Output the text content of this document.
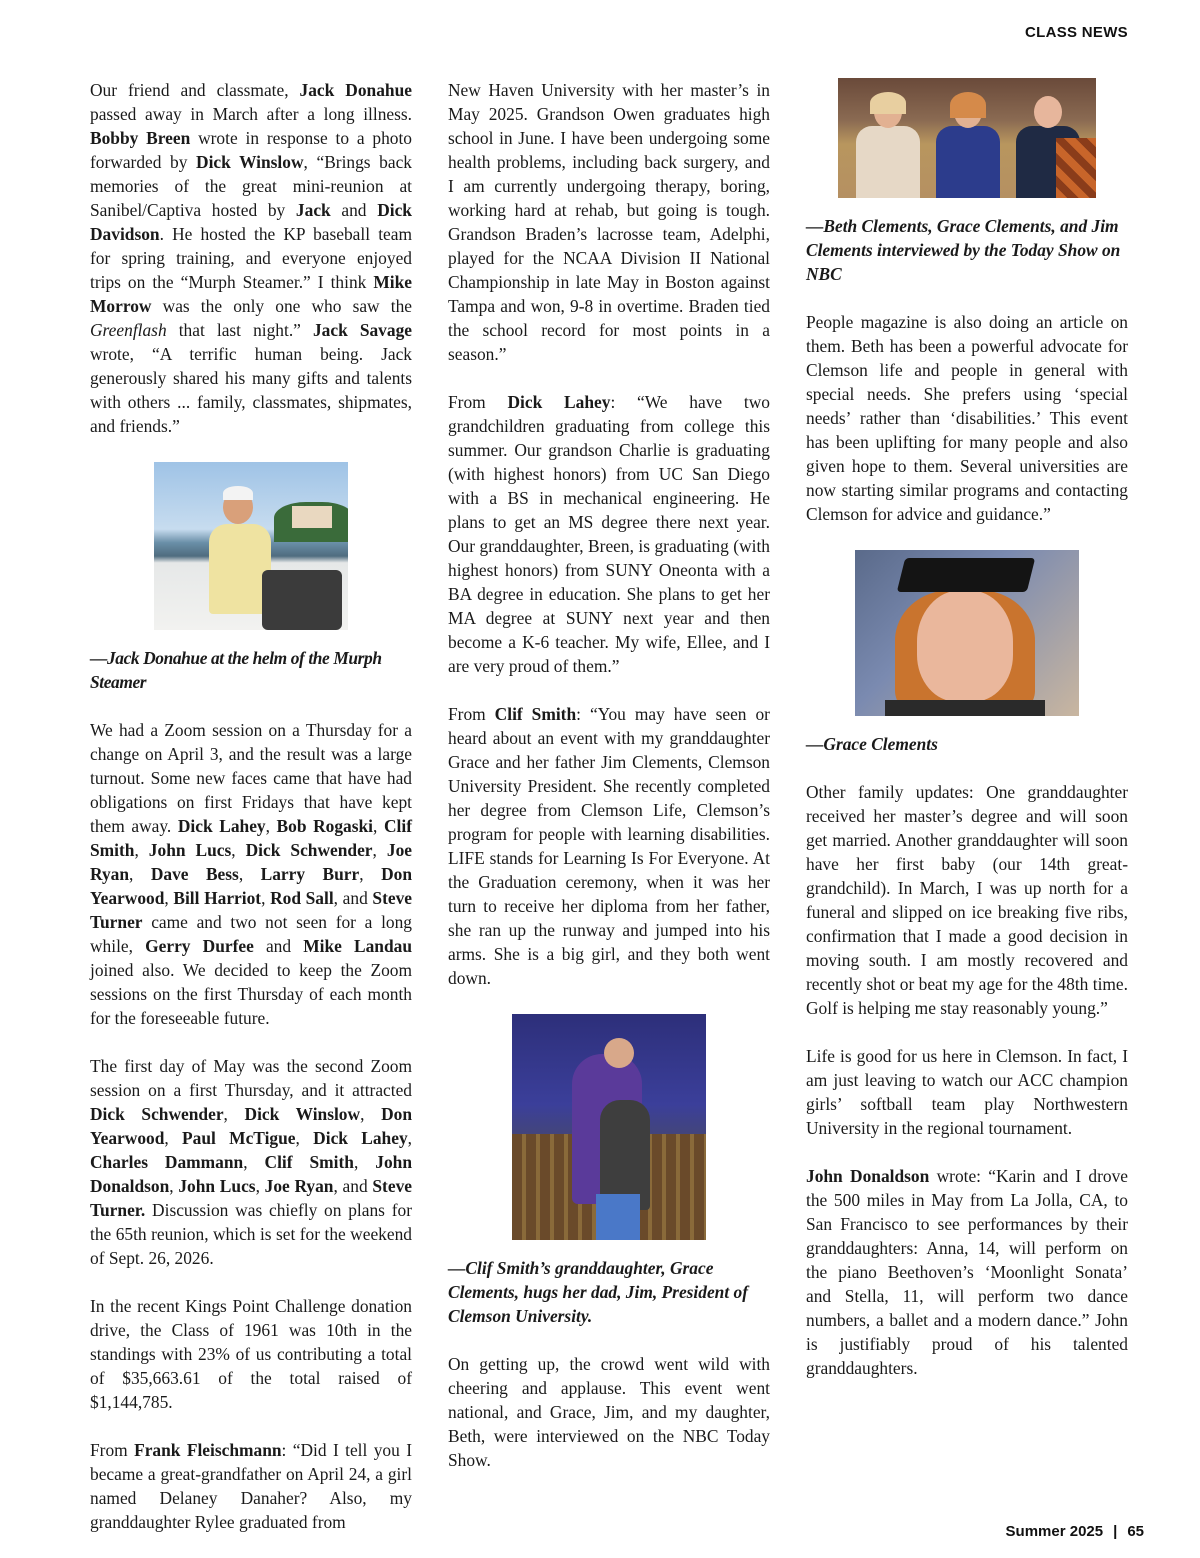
CLASS NEWS

Our friend and classmate, Jack Donahue passed away in March after a long illness. Bobby Breen wrote in response to a photo forwarded by Dick Winslow, “Brings back memories of the great mini-reunion at Sanibel/Captiva hosted by Jack and Dick Davidson. He hosted the KP baseball team for spring training, and everyone enjoyed trips on the “Murph Steamer.” I think Mike Morrow was the only one who saw the Greenflash that last night.” Jack Savage wrote, “A terrific human being. Jack generously shared his many gifts and talents with others ... family, classmates, shipmates, and friends.”

—Jack Donahue at the helm of the Murph Steamer

We had a Zoom session on a Thursday for a change on April 3, and the result was a large turnout. Some new faces came that have had obligations on first Fridays that have kept them away. Dick Lahey, Bob Rogaski, Clif Smith, John Lucs, Dick Schwender, Joe Ryan, Dave Bess, Larry Burr, Don Yearwood, Bill Harriot, Rod Sall, and Steve Turner came and two not seen for a long while, Gerry Durfee and Mike Landau joined also. We decided to keep the Zoom sessions on the first Thursday of each month for the foreseeable future.

The first day of May was the second Zoom session on a first Thursday, and it attracted Dick Schwender, Dick Winslow, Don Yearwood, Paul McTigue, Dick Lahey, Charles Dammann, Clif Smith, John Donaldson, John Lucs, Joe Ryan, and Steve Turner. Discussion was chiefly on plans for the 65th reunion, which is set for the weekend of Sept. 26, 2026.

In the recent Kings Point Challenge donation drive, the Class of 1961 was 10th in the standings with 23% of us contributing a total of $35,663.61 of the total raised of $1,144,785.

From Frank Fleischmann: “Did I tell you I became a great-grandfather on April 24, a girl named Delaney Danaher? Also, my granddaughter Rylee graduated from

New Haven University with her master’s in May 2025. Grandson Owen graduates high school in June. I have been undergoing some health problems, including back surgery, and I am currently undergoing therapy, boring, working hard at rehab, but going is tough. Grandson Braden’s lacrosse team, Adelphi, played for the NCAA Division II National Championship in late May in Boston against Tampa and won, 9-8 in overtime. Braden tied the school record for most points in a season.”

From Dick Lahey: “We have two grandchildren graduating from college this summer. Our grandson Charlie is graduating (with highest honors) from UC San Diego with a BS in mechanical engineering. He plans to get an MS degree there next year. Our granddaughter, Breen, is graduating (with highest honors) from SUNY Oneonta with a BA degree in education. She plans to get her MA degree at SUNY next year and then become a K-6 teacher. My wife, Ellee, and I are very proud of them.”

From Clif Smith: “You may have seen or heard about an event with my granddaughter Grace and her father Jim Clements, Clemson University President. She recently completed her degree from Clemson Life, Clemson’s program for people with learning disabilities. LIFE stands for Learning Is For Everyone. At the Graduation ceremony, when it was her turn to receive her diploma from her father, she ran up the runway and jumped into his arms. She is a big girl, and they both went down.

—Clif Smith’s granddaughter, Grace Clements, hugs her dad, Jim, President of Clemson University.

On getting up, the crowd went wild with cheering and applause. This event went national, and Grace, Jim, and my daughter, Beth, were interviewed on the NBC Today Show.

—Beth Clements, Grace Clements, and Jim Clements interviewed by the Today Show on NBC

People magazine is also doing an article on them. Beth has been a powerful advocate for Clemson life and people in general with special needs. She prefers using ‘special needs’ rather than ‘disabilities.’ This event has been uplifting for many people and also given hope to them. Several universities are now starting similar programs and contacting Clemson for advice and guidance.”

—Grace Clements

Other family updates: One granddaughter received her master’s degree and will soon get married. Another granddaughter will soon have her first baby (our 14th great-grandchild). In March, I was up north for a funeral and slipped on ice breaking five ribs, confirmation that I made a good decision in moving south. I am mostly recovered and recently shot or beat my age for the 48th time. Golf is helping me stay reasonably young.”

Life is good for us here in Clemson. In fact, I am just leaving to watch our ACC champion girls’ softball team play Northwestern University in the regional tournament.

John Donaldson wrote: “Karin and I drove the 500 miles in May from La Jolla, CA, to San Francisco to see performances by their granddaughters: Anna, 14, will perform on the piano Beethoven’s ‘Moonlight Sonata’ and Stella, 11, will perform two dance numbers, a ballet and a modern dance.” John is justifiably proud of his talented granddaughters.

Summer 2025 | 65
